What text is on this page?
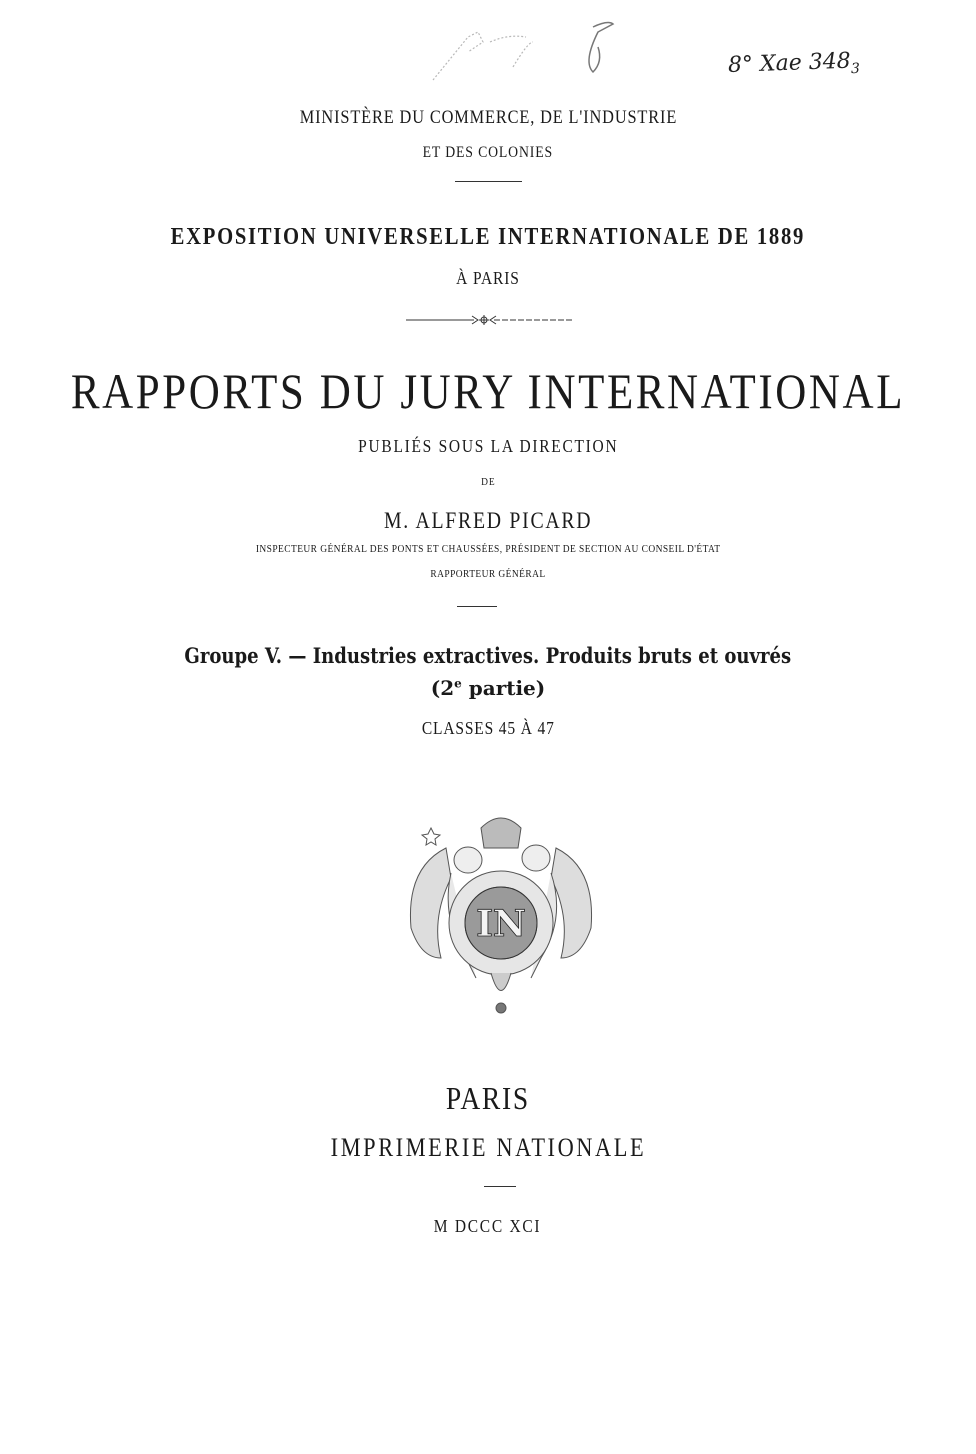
8° Xae $348_3$
MINISTÈRE DU COMMERCE, DE L'INDUSTRIE
ET DES COLONIES
EXPOSITION UNIVERSELLE INTERNATIONALE DE 1889
À PARIS
RAPPORTS DU JURY INTERNATIONAL
PUBLIÉS SOUS LA DIRECTION
DE
M. ALFRED PICARD
INSPECTEUR GÉNÉRAL DES PONTS ET CHAUSSÉES, PRÉSIDENT DE SECTION AU CONSEIL D'ÉTAT
RAPPORTEUR GÉNÉRAL
Groupe V. — Industries extractives. Produits bruts et ouvrés
(2e partie)
CLASSES 45 À 47
IN
PARIS
IMPRIMERIE NATIONALE
M DCCC XCI
